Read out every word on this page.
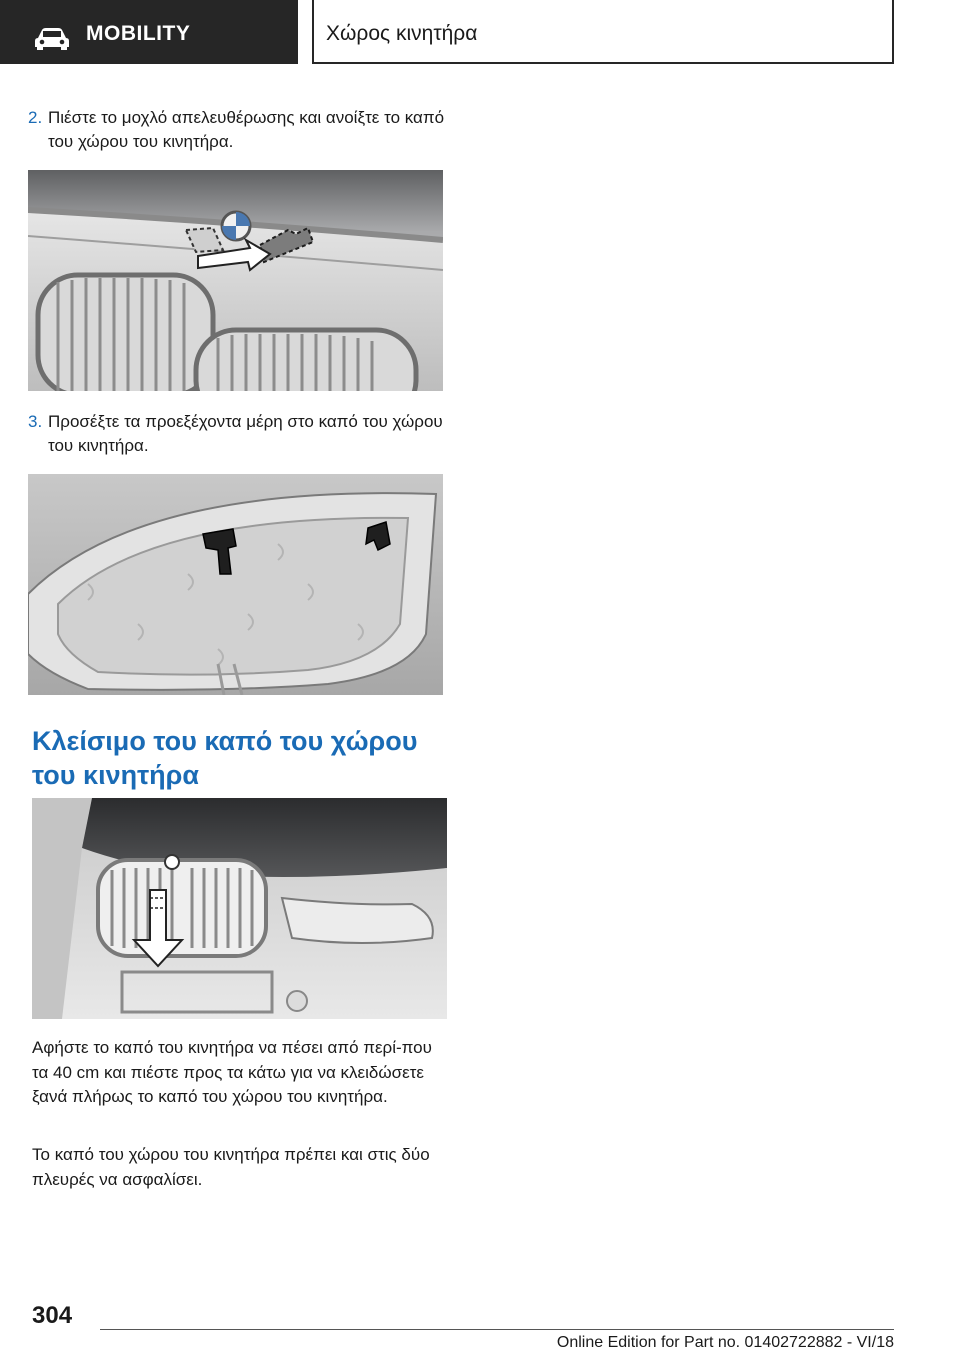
MOBILITY	Χώρος κινητήρα
2. Πιέστε το μοχλό απελευθέρωσης και ανοίξτε το καπό του χώρου του κινητήρα.
3. Προσέξτε τα προεξέχοντα μέρη στο καπό του χώρου του κινητήρα.
Κλείσιμο του καπό του χώρου του κινητήρα
Αφήστε το καπό του κινητήρα να πέσει από περί-που τα 40 cm και πιέστε προς τα κάτω για να κλειδώσετε ξανά πλήρως το καπό του χώρου του κινητήρα.
Το καπό του χώρου του κινητήρα πρέπει και στις δύο πλευρές να ασφαλίσει.
304
Online Edition for Part no. 01402722882 - VI/18
